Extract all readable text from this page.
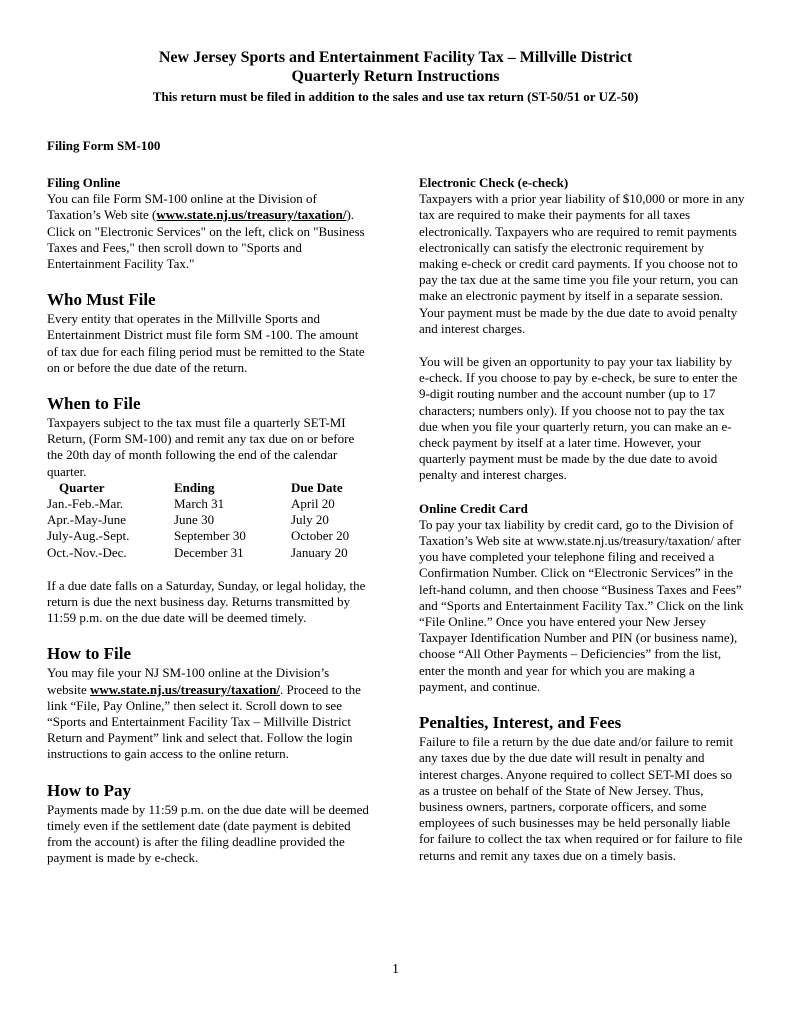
New Jersey Sports and Entertainment Facility Tax – Millville District
Quarterly Return Instructions

This return must be filed in addition to the sales and use tax return (ST-50/51 or UZ-50)

Filing Form SM-100

Filing Online

You can file Form SM-100 online at the Division of Taxation’s Web site (www.state.nj.us/treasury/taxation/). Click on "Electronic Services" on the left, click on "Business Taxes and Fees," then scroll down to "Sports and Entertainment Facility Tax."

Who Must File

Every entity that operates in the Millville Sports and Entertainment District must file form SM -100. The amount of tax due for each filing period must be remitted to the State on or before the due date of the return.

When to File

Taxpayers subject to the tax must file a quarterly SET-MI Return, (Form SM-100) and remit any tax due on or before the 20th day of month following the end of the calendar quarter.

Quarter	Ending	Due Date
Jan.-Feb.-Mar.	March 31	April 20
Apr.-May-June	June 30	July 20
July-Aug.-Sept.	September 30	October 20
Oct.-Nov.-Dec.	December 31	January 20

If a due date falls on a Saturday, Sunday, or legal holiday, the return is due the next business day. Returns transmitted by 11:59 p.m. on the due date will be deemed timely.

How to File

You may file your NJ SM-100 online at the Division’s website www.state.nj.us/treasury/taxation/. Proceed to the link “File, Pay Online,” then select it. Scroll down to see “Sports and Entertainment Facility Tax – Millville District Return and Payment” link and select that. Follow the login instructions to gain access to the online return.

How to Pay

Payments made by 11:59 p.m. on the due date will be deemed timely even if the settlement date (date payment is debited from the account) is after the filing deadline provided the payment is made by e-check.

Electronic Check (e-check)

Taxpayers with a prior year liability of $10,000 or more in any tax are required to make their payments for all taxes electronically. Taxpayers who are required to remit payments electronically can satisfy the electronic requirement by making e-check or credit card payments. If you choose not to pay the tax due at the same time you file your return, you can make an electronic payment by itself in a separate session. Your payment must be made by the due date to avoid penalty and interest charges.

You will be given an opportunity to pay your tax liability by e-check. If you choose to pay by e-check, be sure to enter the 9-digit routing number and the account number (up to 17 characters; numbers only). If you choose not to pay the tax due when you file your quarterly return, you can make an e-check payment by itself at a later time. However, your quarterly payment must be made by the due date to avoid penalty and interest charges.

Online Credit Card

To pay your tax liability by credit card, go to the Division of Taxation’s Web site at www.state.nj.us/treasury/taxation/ after you have completed your telephone filing and received a Confirmation Number. Click on “Electronic Services” in the left-hand column, and then choose “Business Taxes and Fees” and “Sports and Entertainment Facility Tax.” Click on the link “File Online.” Once you have entered your New Jersey Taxpayer Identification Number and PIN (or business name), choose “All Other Payments – Deficiencies” from the list, enter the month and year for which you are making a payment, and continue.

Penalties, Interest, and Fees

Failure to file a return by the due date and/or failure to remit any taxes due by the due date will result in penalty and interest charges. Anyone required to collect SET-MI does so as a trustee on behalf of the State of New Jersey. Thus, business owners, partners, corporate officers, and some employees of such businesses may be held personally liable for failure to collect the tax when required or for failure to file returns and remit any taxes due on a timely basis.

1
